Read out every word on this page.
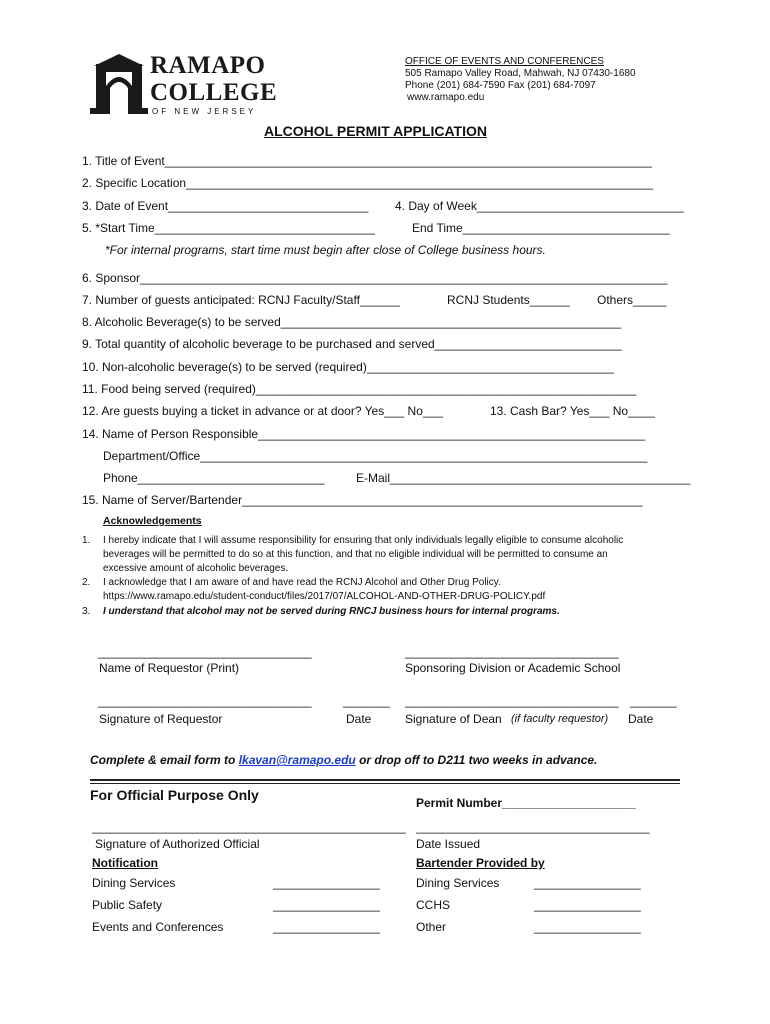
RAMAPO
COLLEGE
OF NEW JERSEY
OFFICE OF EVENTS AND CONFERENCES
505 Ramapo Valley Road, Mahwah, NJ 07430-1680
Phone (201) 684-7590 Fax (201) 684-7097
www.ramapo.edu
ALCOHOL PERMIT APPLICATION
1. Title of Event_________________________________________________________________________
2. Specific Location______________________________________________________________________
3. Date of Event______________________________ 4. Day of Week_______________________________
5. *Start Time_________________________________	End Time_______________________________
*For internal programs, start time must begin after close of College business hours.
6. Sponsor_______________________________________________________________________________
7. Number of guests anticipated: RCNJ Faculty/Staff______	RCNJ Students______ Others_____
8. Alcoholic Beverage(s) to be served___________________________________________________
9. Total quantity of alcoholic beverage to be purchased and served____________________________
10. Non-alcoholic beverage(s) to be served (required)_____________________________________
11. Food being served (required)_________________________________________________________
12. Are guests buying a ticket in advance or at door? Yes___ No___	13. Cash Bar? Yes___ No____
14. Name of Person Responsible__________________________________________________________
Department/Office___________________________________________________________________
Phone____________________________	E-Mail_____________________________________________
15. Name of Server/Bartender____________________________________________________________
Acknowledgements
1. I hereby indicate that I will assume responsibility for ensuring that only individuals legally eligible to consume alcoholic
beverages will be permitted to do so at this function, and that no eligible individual will be permitted to consume an
excessive amount of alcoholic beverages.
2. I acknowledge that I am aware of and have read the RCNJ Alcohol and Other Drug Policy.
https://www.ramapo.edu/student-conduct/files/2017/07/ALCOHOL-AND-OTHER-DRUG-POLICY.pdf
3. I understand that alcohol may not be served during RNCJ business hours for internal programs.
________________________________	________________________________
Name of Requestor (Print)	Sponsoring Division or Academic School
________________________________	_______ ________________________________ _______
Signature of Requestor	Date	Signature of Dean (if faculty requestor) Date
Complete & email form to lkavan@ramapo.edu or drop off to D211 two weeks in advance.
For Official Purpose Only	Permit Number____________________
_______________________________________________ ___________________________________
Signature of Authorized Official	Date Issued
Notification	Bartender Provided by
Dining Services	________________	Dining Services	________________
Public Safety	________________	CCHS	________________
Events and Conferences	________________	Other	________________
